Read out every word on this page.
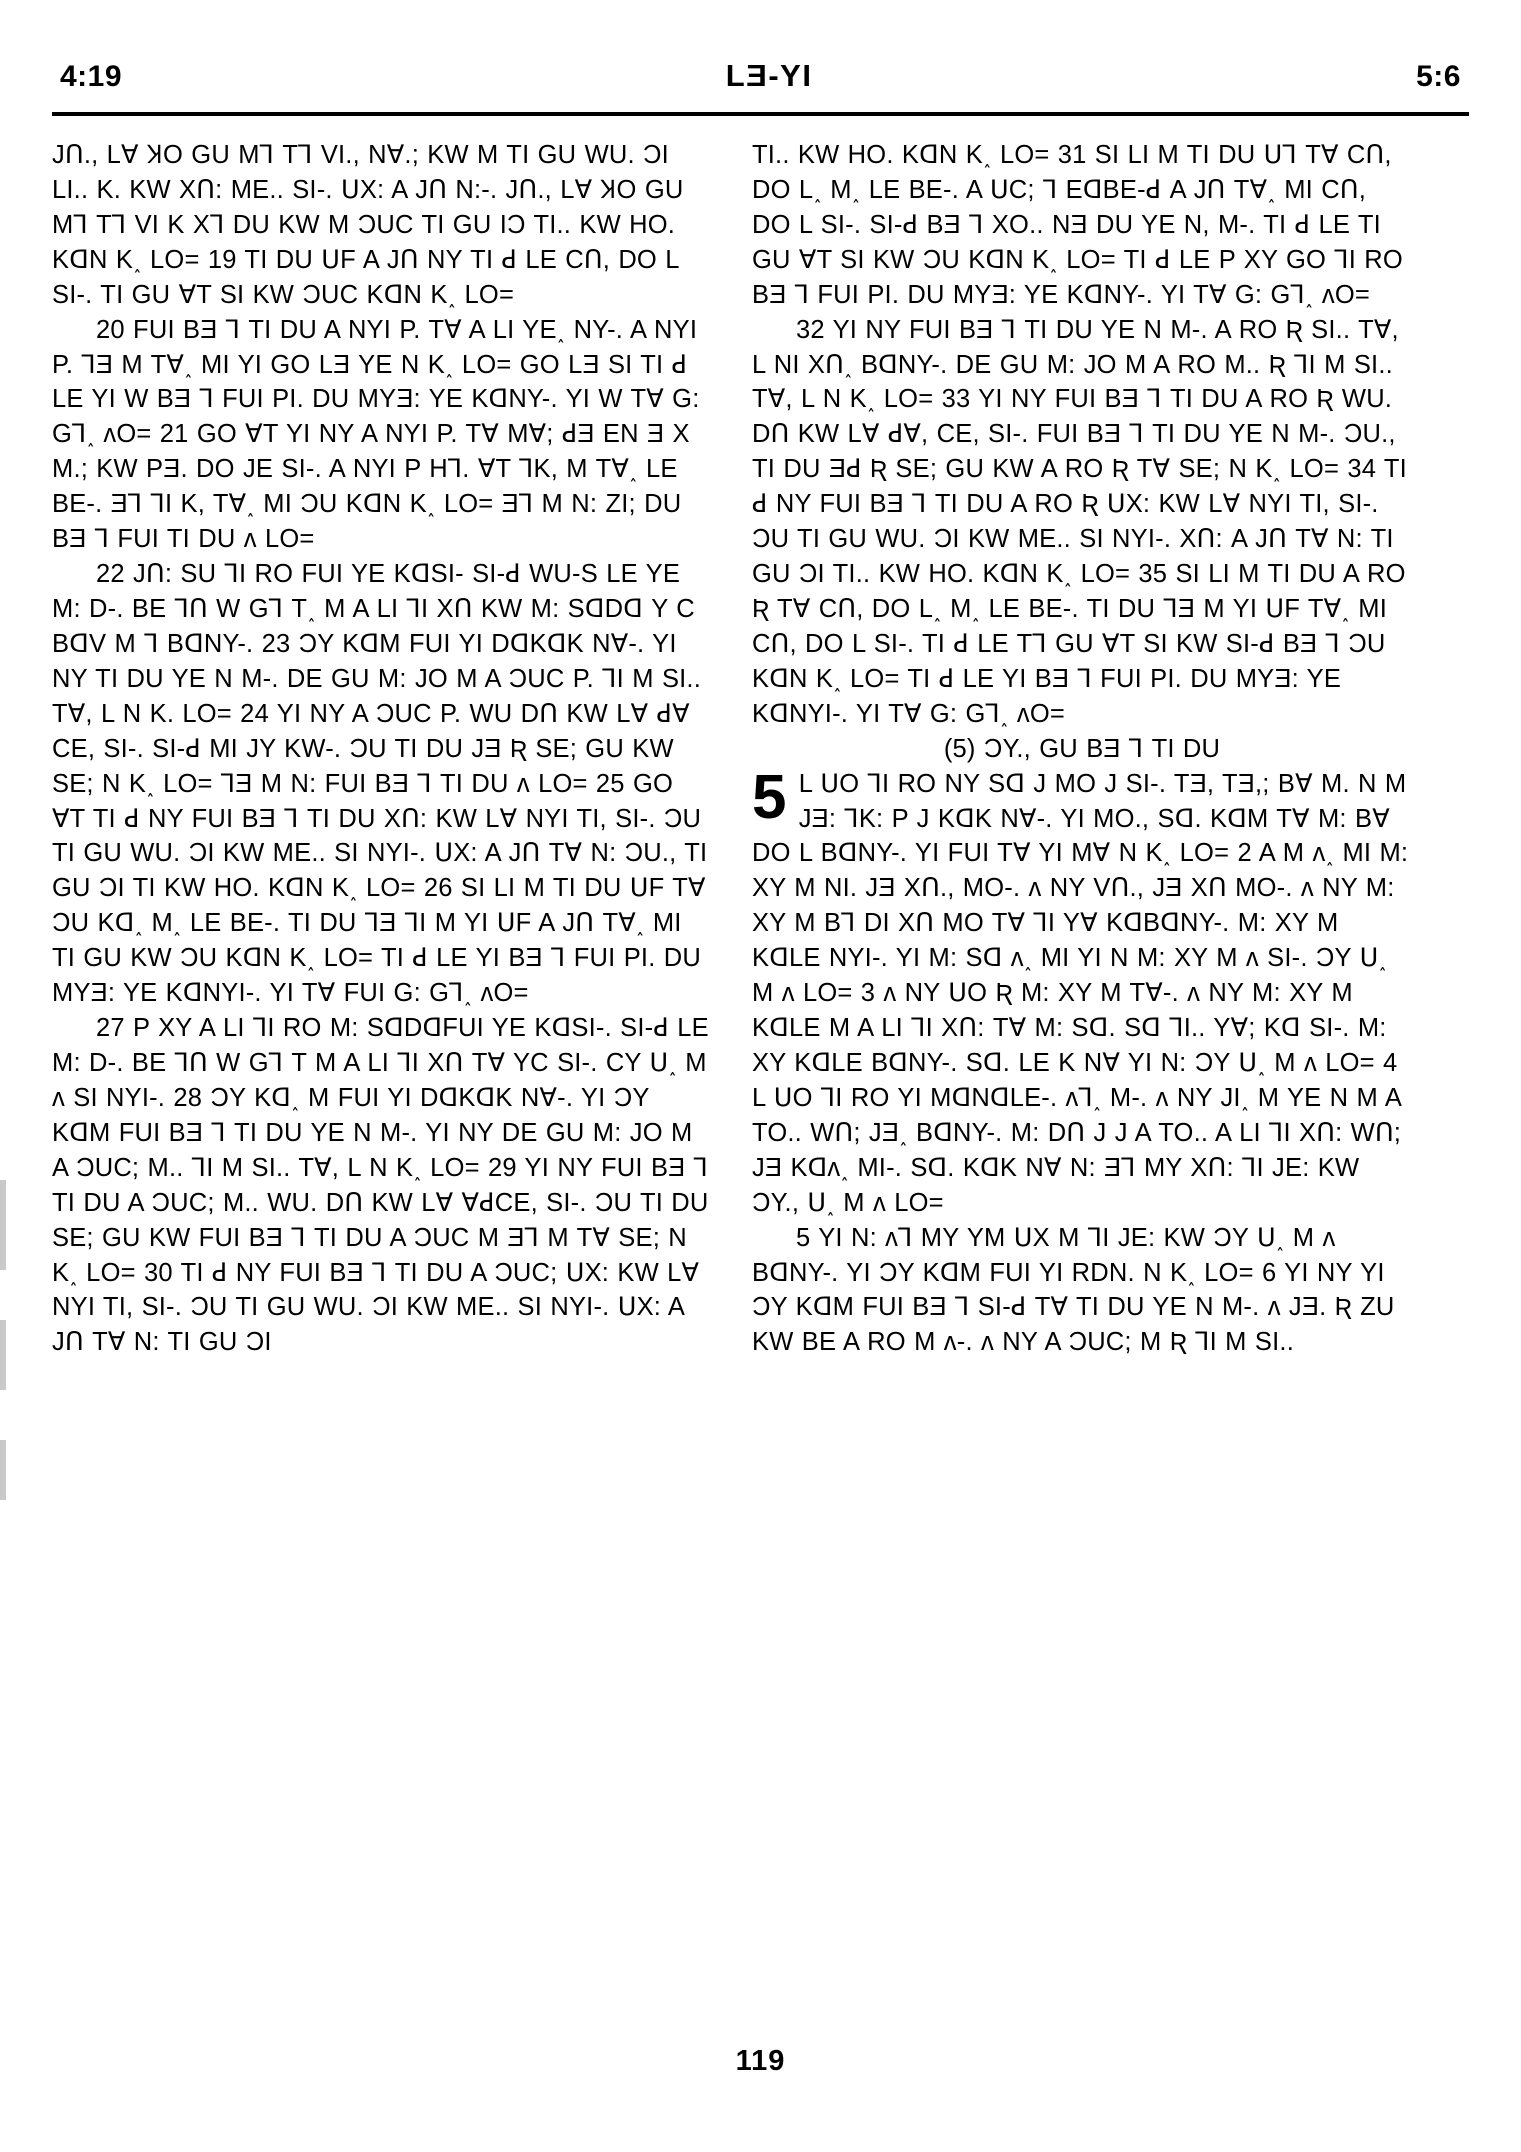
4:19	LƎ-YI	5:6

JՈ., LⱯ ꞰO GU Mꓶ Tꓶ VI., NⱯ.; KW M TI GU WU. ƆI LI.. K. KW XՈ: ME.. SI-. ՍX: A JՈ N:-. JՈ., LⱯ ꞰO GU Mꓶ Tꓶ VI K Xꓶ DU KW M ƆUC TI GU IƆ TI.. KW HO. KꓷN K˰ LO= 19 TI DU ꓴF A JՈ NY TI ꓒ LE CՈ, DO L SI-. TI GU ⱯT SI KW ƆUC KꓷN K˰ LO=

20 FUI BƎ ꓶ TI DU A NYI P. TⱯ A LI YE˰ NY-. A NYI P. ꓶƎ M TⱯ˰ MI YI GO LƎ YE N K˰ LO= GO LƎ SI TI ꓒ LE YI W BƎ ꓶ FUI PI. DU MYƎ: YE KꓷNY-. YI W TⱯ G: Gꓶ˰ ᴧO= 21 GO ⱯT YI NY A NYI P. TⱯ MⱯ; ꓒƎ EN Ǝ X M.; KW PƎ. DO JE SI-. A NYI P Hꓶ. ⱯT ꓶK, M TⱯ˰ LE BE-. Ǝꓶ ꓶI K, TⱯ˰ MI ƆU KꓷN K˰ LO= Ǝꓶ M N: ZI; DU BƎ ꓶ FUI TI DU ᴧ LO=

22 JՈ: SU ꓶI RO FUI YE KꓷSI- SI-ꓒ WU-S LE YE M: D-. BE ꓶՈ W Gꓶ T˰ M A LI ꓶI XՈ KW M: SꓷDꓷ Y C BꓷV M ꓶ BꓷNY-. 23 ƆY KꓷM FUI YI DꓷKꓷK NⱯ-. YI NY TI DU YE N M-. DE GU M: JO M A ƆUC P. ꓶI M SI.. TⱯ, L N K. LO= 24 YI NY A ƆUC P. WU DՈ KW LⱯ ꓒⱯ CE, SI-. SI-ꓒ MI JY KW-. ƆU TI DU JƎ Ʀ SE; GU KW SE; N K˰ LO= ꓶƎ M N: FUI BƎ ꓶ TI DU ᴧ LO= 25 GO ⱯT TI ꓒ NY FUI BƎ ꓶ TI DU XՈ: KW LⱯ NYI TI, SI-. ƆU TI GU WU. ƆI KW ME.. SI NYI-. ՍX: A JՈ TⱯ N: ƆU., TI GU ƆI TI KW HO. KꓷN K˰ LO= 26 SI LI M TI DU ꓴF TⱯ ƆU Kꓷ˰ M˰ LE BE-. TI DU ꓶƎ ꓶI M YI ꓴF A JՈ TⱯ˰ MI TI GU KW ƆU KꓷN K˰ LO= TI ꓒ LE YI BƎ ꓶ FUI PI. DU MYƎ: YE KꓷNYI-. YI TⱯ FUI G: Gꓶ˰ ᴧO=

27 P XY A LI ꓶI RO M: SꓷDꓷFUI YE KꓷSI-. SI-ꓒ LE M: D-. BE ꓶՈ W Gꓶ T M A LI ꓶI XՈ TⱯ YC SI-. CY ꓴ˰ M ᴧ SI NYI-. 28 ƆY Kꓷ˰ M FUI YI DꓷKꓷK NⱯ-. YI ƆY KꓷM FUI BƎ ꓶ TI DU YE N M-. YI NY DE GU M: JO M A ƆUC; M.. ꓶI M SI.. TⱯ, L N K˰ LO= 29 YI NY FUI BƎ ꓶ TI DU A ƆUC; M.. WU. DՈ KW LⱯ ⱯꓒCE, SI-. ƆU TI DU SE; GU KW FUI BƎ ꓶ TI DU A ƆUC M Ǝꓶ M TⱯ SE; N K˰ LO= 30 TI ꓒ NY FUI BƎ ꓶ TI DU A ƆUC; ՍX: KW LⱯ NYI TI, SI-. ƆU TI GU WU. ƆI KW ME.. SI NYI-. ՍX: A JՈ TⱯ N: TI GU ƆI

TI.. KW HO. KꓷN K˰ LO= 31 SI LI M TI DU ꓴꓶ TⱯ CՈ, DO L˰ M˰ LE BE-. A ՍC; ꓶ EꓷBE-ꓒ A JՈ TⱯ˰ MI CՈ, DO L SI-. SI-ꓒ BƎ ꓶ XO.. NƎ DU YE N, M-. TI ꓒ LE TI GU ⱯT SI KW ƆU KꓷN K˰ LO= TI ꓒ LE P XY GO ꓶI RO BƎ ꓶ FUI PI. DU MYƎ: YE KꓷNY-. YI TⱯ G: Gꓶ˰ ᴧO=

32 YI NY FUI BƎ ꓶ TI DU YE N M-. A RO Ʀ SI.. TⱯ, L NI XՈ˰ BꓷNY-. DE GU M: JO M A RO M.. Ʀ ꓶI M SI.. TⱯ, L N K˰ LO= 33 YI NY FUI BƎ ꓶ TI DU A RO Ʀ WU. DՈ KW LⱯ ꓒⱯ, CE, SI-. FUI BƎ ꓶ TI DU YE N M-. ƆU., TI DU Ǝꓒ Ʀ SE; GU KW A RO Ʀ TⱯ SE; N K˰ LO= 34 TI ꓒ NY FUI BƎ ꓶ TI DU A RO Ʀ ՍX: KW LⱯ NYI TI, SI-. ƆU TI GU WU. ƆI KW ME.. SI NYI-. XՈ: A JՈ TⱯ N: TI GU ƆI TI.. KW HO. KꓷN K˰ LO= 35 SI LI M TI DU A RO Ʀ TⱯ CՈ, DO L˰ M˰ LE BE-. TI DU ꓶƎ M YI ꓴF TⱯ˰ MI CՈ, DO L SI-. TI ꓒ LE Tꓶ GU ⱯT SI KW SI-ꓒ BƎ ꓶ ƆU KꓷN K˰ LO= TI ꓒ LE YI BƎ ꓶ FUI PI. DU MYƎ: YE KꓷNYI-. YI TⱯ G: Gꓶ˰ ᴧO=

(5) ƆY., GU BƎ ꓶ TI DU

5 L ꓴO ꓶI RO NY Sꓷ J MO J SI-. TƎ, TƎ,; BⱯ M. N M JƎ: ꓶK: P J KꓷK NⱯ-. YI MO., Sꓷ. KꓷM TⱯ M: BⱯ DO L BꓷNY-. YI FUI TⱯ YI MⱯ N K˰ LO= 2 A M ᴧ˰ MI M: XY M NI. JƎ XՈ., MO-. ᴧ NY VՈ., JƎ XՈ MO-. ᴧ NY M: XY M Bꓶ DI XՈ MO TⱯ ꓶI YⱯ KꓷBꓷNY-. M: XY M KꓷLE NYI-. YI M: Sꓷ ᴧ˰ MI YI N M: XY M ᴧ SI-. ƆY ꓴ˰ M ᴧ LO= 3 ᴧ NY ꓴO Ʀ M: XY M TⱯ-. ᴧ NY M: XY M KꓷLE M A LI ꓶI XՈ: TⱯ M: Sꓷ. Sꓷ ꓶI.. YⱯ; Kꓷ SI-. M: XY KꓷLE BꓷNY-. Sꓷ. LE K NⱯ YI N: ƆY ꓴ˰ M ᴧ LO= 4 L ꓴO ꓶI RO YI MꓷNꓷLE-. ᴧꓶ˰ M-. ᴧ NY JI˰ M YE N M A TO.. WՈ; JƎ˰ BꓷNY-. M: DՈ J J A TO.. A LI ꓶI XՈ: WՈ; JƎ Kꓷᴧ˰ MI-. Sꓷ. KꓷK NⱯ N: Ǝꓶ MY XՈ: ꓶI JE: KW ƆY., ꓴ˰ M ᴧ LO=

5 YI N: ᴧꓶ MY YM ՍX M ꓶI JE: KW ƆY ꓴ˰ M ᴧ BꓷNY-. YI ƆY KꓷM FUI YI RDN. N K˰ LO= 6 YI NY YI ƆY KꓷM FUI BƎ ꓶ SI-ꓒ TⱯ TI DU YE N M-. ᴧ JƎ. Ʀ ZU KW BE A RO M ᴧ-. ᴧ NY A ƆUC; M Ʀ ꓶI M SI..

119
